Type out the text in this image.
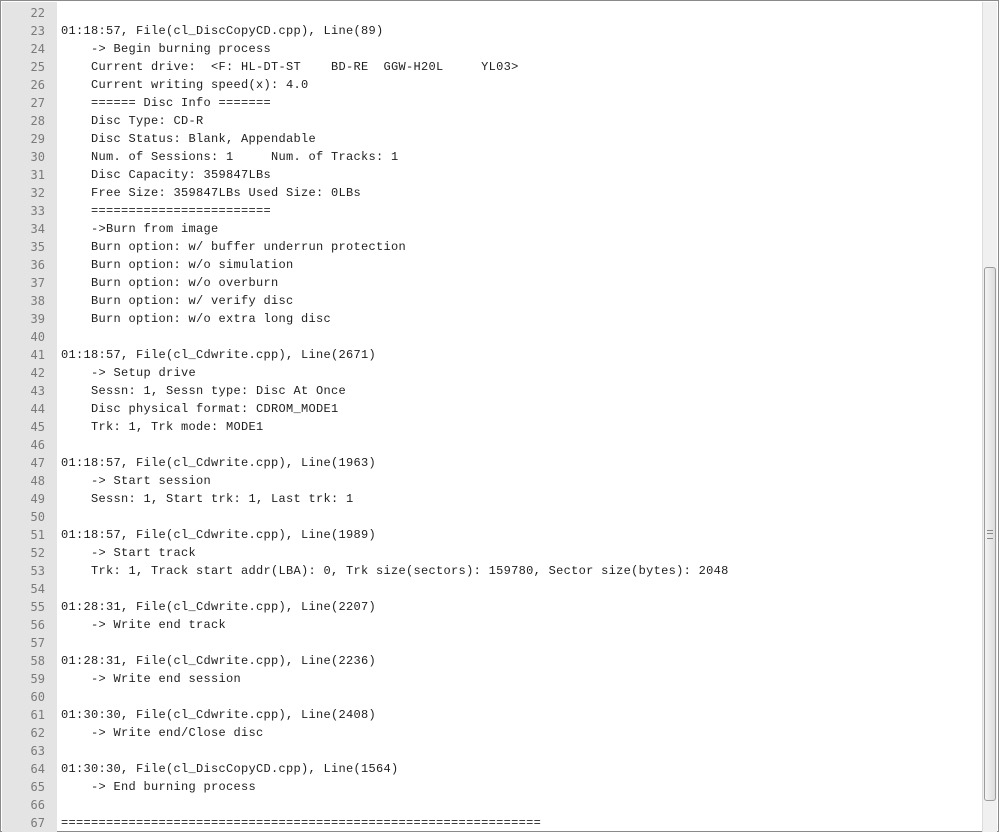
22
23 01:18:57, File(cl_DiscCopyCD.cpp), Line(89)
24 -> Begin burning process
25 Current drive:  <F: HL-DT-ST    BD-RE  GGW-H20L     YL03>
26 Current writing speed(x): 4.0
27 ====== Disc Info =======
28 Disc Type: CD-R
29 Disc Status: Blank, Appendable
30 Num. of Sessions: 1     Num. of Tracks: 1
31 Disc Capacity: 359847LBs
32 Free Size: 359847LBs Used Size: 0LBs
33 ========================
34 ->Burn from image
35 Burn option: w/ buffer underrun protection
36 Burn option: w/o simulation
37 Burn option: w/o overburn
38 Burn option: w/ verify disc
39 Burn option: w/o extra long disc
40
41 01:18:57, File(cl_Cdwrite.cpp), Line(2671)
42 -> Setup drive
43 Sessn: 1, Sessn type: Disc At Once
44 Disc physical format: CDROM_MODE1
45 Trk: 1, Trk mode: MODE1
46
47 01:18:57, File(cl_Cdwrite.cpp), Line(1963)
48 -> Start session
49 Sessn: 1, Start trk: 1, Last trk: 1
50
51 01:18:57, File(cl_Cdwrite.cpp), Line(1989)
52 -> Start track
53 Trk: 1, Track start addr(LBA): 0, Trk size(sectors): 159780, Sector size(bytes): 2048
54
55 01:28:31, File(cl_Cdwrite.cpp), Line(2207)
56 -> Write end track
57
58 01:28:31, File(cl_Cdwrite.cpp), Line(2236)
59 -> Write end session
60
61 01:30:30, File(cl_Cdwrite.cpp), Line(2408)
62 -> Write end/Close disc
63
64 01:30:30, File(cl_DiscCopyCD.cpp), Line(1564)
65 -> End burning process
66
67 ================================================================
